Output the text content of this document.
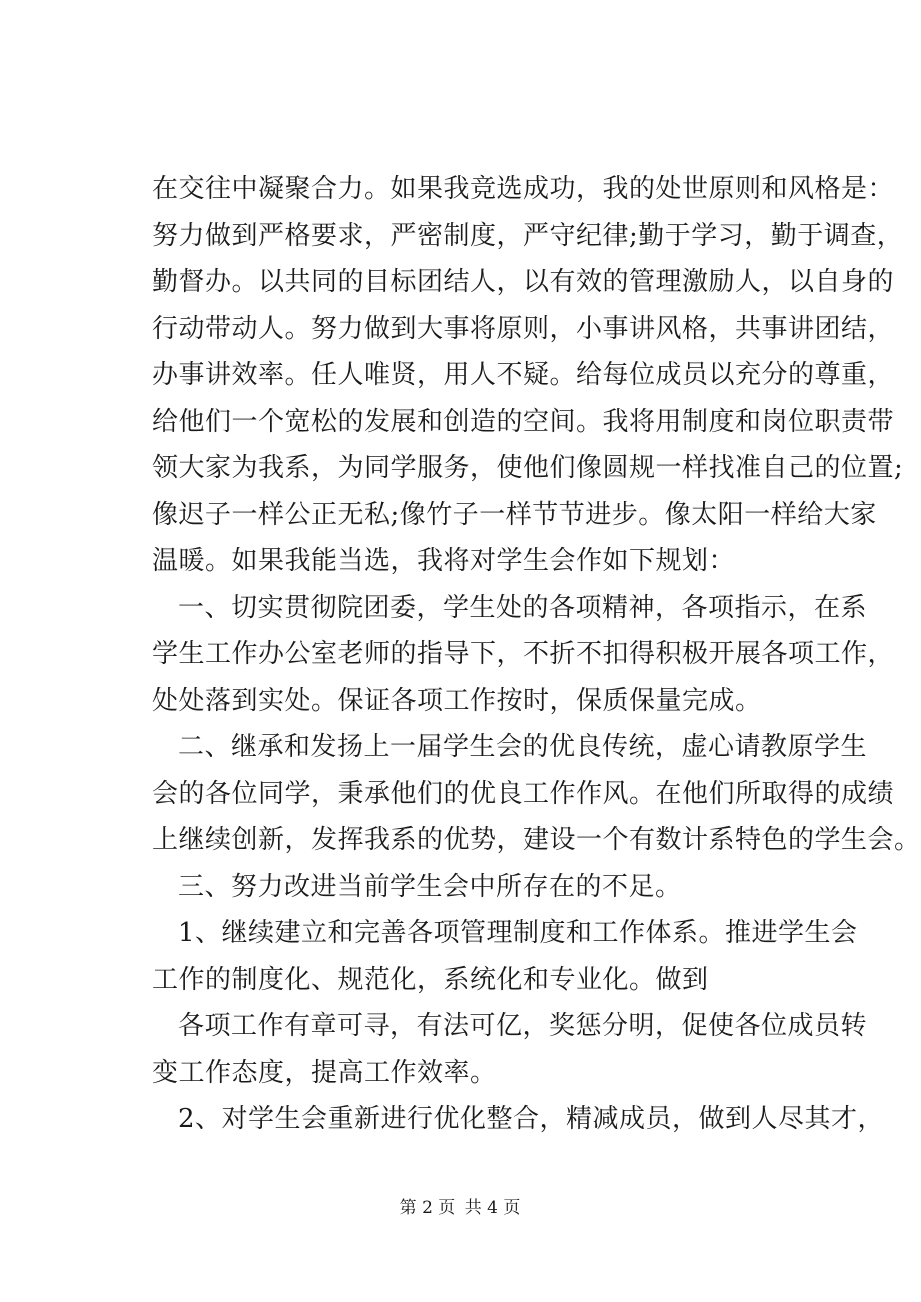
在交往中凝聚合力。如果我竞选成功，我的处世原则和风格是：
努力做到严格要求，严密制度，严守纪律;勤于学习，勤于调查，
勤督办。以共同的目标团结人，以有效的管理激励人，以自身的
行动带动人。努力做到大事将原则，小事讲风格，共事讲团结，
办事讲效率。任人唯贤，用人不疑。给每位成员以充分的尊重，
给他们一个宽松的发展和创造的空间。我将用制度和岗位职责带
领大家为我系，为同学服务，使他们像圆规一样找准自己的位置;
像迟子一样公正无私;像竹子一样节节进步。像太阳一样给大家
温暖。如果我能当选，我将对学生会作如下规划：
一、切实贯彻院团委，学生处的各项精神，各项指示，在系
学生工作办公室老师的指导下，不折不扣得积极开展各项工作，
处处落到实处。保证各项工作按时，保质保量完成。
二、继承和发扬上一届学生会的优良传统，虚心请教原学生
会的各位同学，秉承他们的优良工作作风。在他们所取得的成绩
上继续创新，发挥我系的优势，建设一个有数计系特色的学生会。
三、努力改进当前学生会中所存在的不足。
1、继续建立和完善各项管理制度和工作体系。推进学生会
工作的制度化、规范化，系统化和专业化。做到
各项工作有章可寻，有法可亿，奖惩分明，促使各位成员转
变工作态度，提高工作效率。
2、对学生会重新进行优化整合，精减成员，做到人尽其才，
第 2 页 共 4 页
